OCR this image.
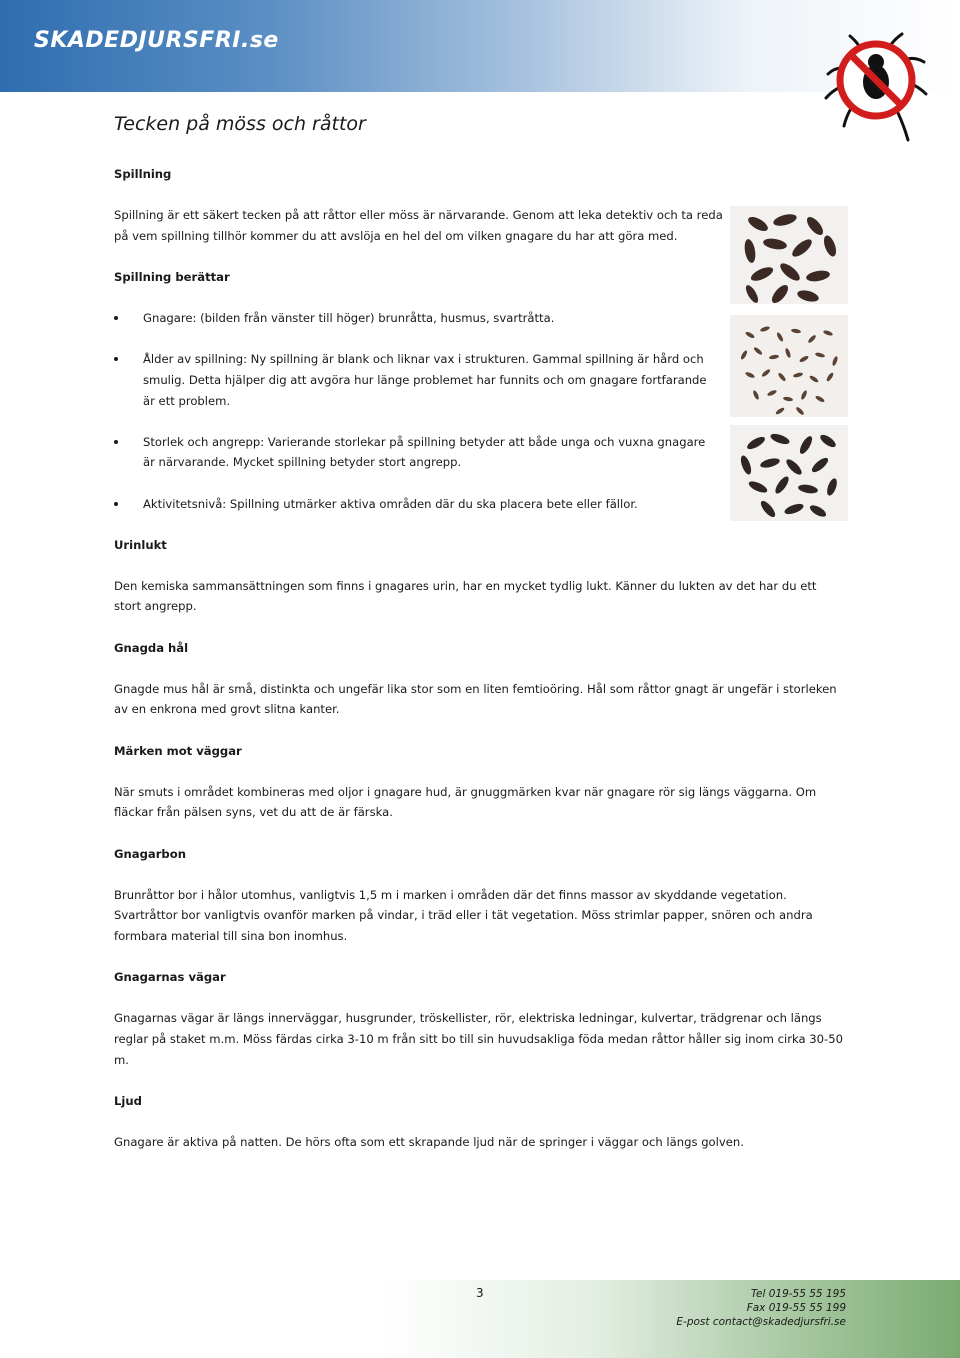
SKADEDJURSFRI.se
Tecken på möss och råttor
Spillning
Spillning är ett säkert tecken på att råttor eller möss är närvarande. Genom att leka detektiv och ta reda på vem spillning tillhör kommer du att avslöja en hel del om vilken gnagare du har att göra med.
Spillning berättar
Gnagare: (bilden från vänster till höger) brunråtta, husmus, svartråtta.
Ålder av spillning: Ny spillning är blank och liknar vax i strukturen. Gammal spillning är hård och smulig. Detta hjälper dig att avgöra hur länge problemet har funnits och om gnagare fortfarande är ett problem.
Storlek och angrepp: Varierande storlekar på spillning betyder att både unga och vuxna gnagare är närvarande. Mycket spillning betyder stort angrepp.
Aktivitetsnivå: Spillning utmärker aktiva områden där du ska placera bete eller fällor.
Urinlukt
Den kemiska sammansättningen som finns i gnagares urin, har en mycket tydlig lukt. Känner du lukten av det har du ett stort angrepp.
Gnagda hål
Gnagde mus hål är små, distinkta och ungefär lika stor som en liten femtioöring. Hål som råttor gnagt är ungefär i storleken av en enkrona med grovt slitna kanter.
Märken mot väggar
När smuts i området kombineras med oljor i gnagare hud, är gnuggmärken kvar när gnagare rör sig längs väggarna. Om fläckar från pälsen syns, vet du att de är färska.
Gnagarbon
Brunråttor bor i hålor utomhus, vanligtvis 1,5 m i marken i områden där det finns massor av skyddande vegetation. Svartråttor bor vanligtvis ovanför marken på vindar, i träd eller i tät vegetation. Möss strimlar papper, snören och andra formbara material till sina bon inomhus.
Gnagarnas vägar
Gnagarnas vägar är längs innerväggar, husgrunder, tröskellister, rör, elektriska ledningar, kulvertar, trädgrenar och längs reglar på staket m.m. Möss färdas cirka 3-10 m från sitt bo till sin huvudsakliga föda medan råttor håller sig inom cirka 30-50 m.
Ljud
Gnagare är aktiva på natten. De hörs ofta som ett skrapande ljud när de springer i väggar och längs golven.
3	Tel 019-55 55 195
Fax 019-55 55 199
E-post contact@skadedjursfri.se
